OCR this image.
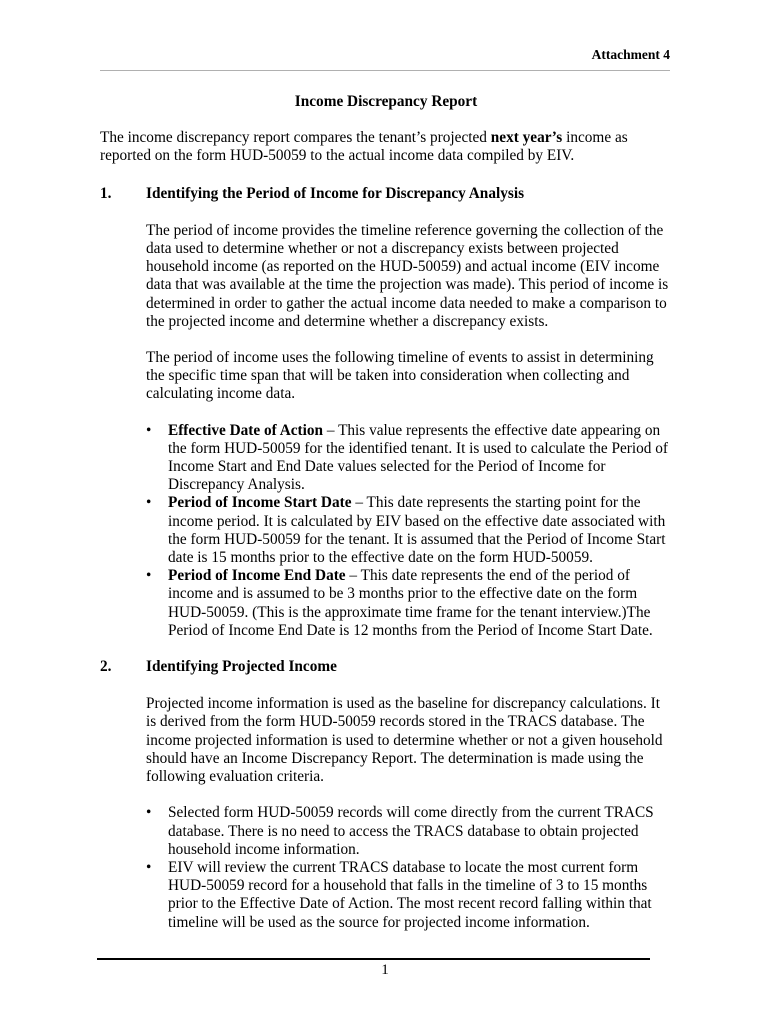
Attachment 4
Income Discrepancy Report

The income discrepancy report compares the tenant’s projected next year’s income as reported on the form HUD-50059 to the actual income data compiled by EIV.

1.	Identifying the Period of Income for Discrepancy Analysis

The period of income provides the timeline reference governing the collection of the data used to determine whether or not a discrepancy exists between projected household income (as reported on the HUD-50059) and actual income (EIV income data that was available at the time the projection was made). This period of income is determined in order to gather the actual income data needed to make a comparison to the projected income and determine whether a discrepancy exists.

The period of income uses the following timeline of events to assist in determining the specific time span that will be taken into consideration when collecting and calculating income data.

• Effective Date of Action – This value represents the effective date appearing on the form HUD-50059 for the identified tenant. It is used to calculate the Period of Income Start and End Date values selected for the Period of Income for Discrepancy Analysis.
• Period of Income Start Date – This date represents the starting point for the income period. It is calculated by EIV based on the effective date associated with the form HUD-50059 for the tenant. It is assumed that the Period of Income Start date is 15 months prior to the effective date on the form HUD-50059.
• Period of Income End Date – This date represents the end of the period of income and is assumed to be 3 months prior to the effective date on the form HUD-50059. (This is the approximate time frame for the tenant interview.)The Period of Income End Date is 12 months from the Period of Income Start Date.
2.	Identifying Projected Income

Projected income information is used as the baseline for discrepancy calculations. It is derived from the form HUD-50059 records stored in the TRACS database. The income projected information is used to determine whether or not a given household should have an Income Discrepancy Report. The determination is made using the following evaluation criteria.

• Selected form HUD-50059 records will come directly from the current TRACS database. There is no need to access the TRACS database to obtain projected household income information.
• EIV will review the current TRACS database to locate the most current form HUD-50059 record for a household that falls in the timeline of 3 to 15 months prior to the Effective Date of Action. The most recent record falling within that timeline will be used as the source for projected income information.
1
